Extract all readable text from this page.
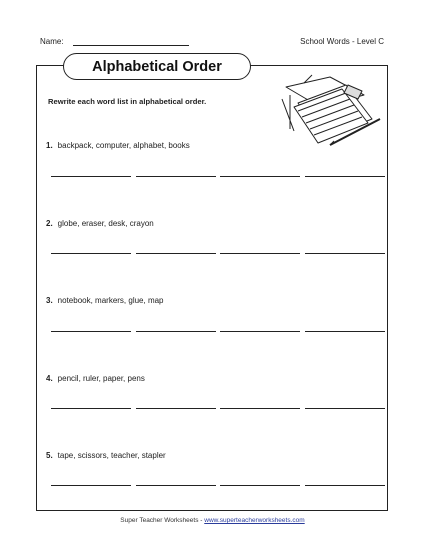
Name:	School Words - Level C
Alphabetical Order
Rewrite each word list in alphabetical order.
1. backpack, computer, alphabet, books
2. globe, eraser, desk, crayon
3. notebook, markers, glue, map
4. pencil, ruler, paper, pens
5. tape, scissors, teacher, stapler
Super Teacher Worksheets - www.superteacherworksheets.com
